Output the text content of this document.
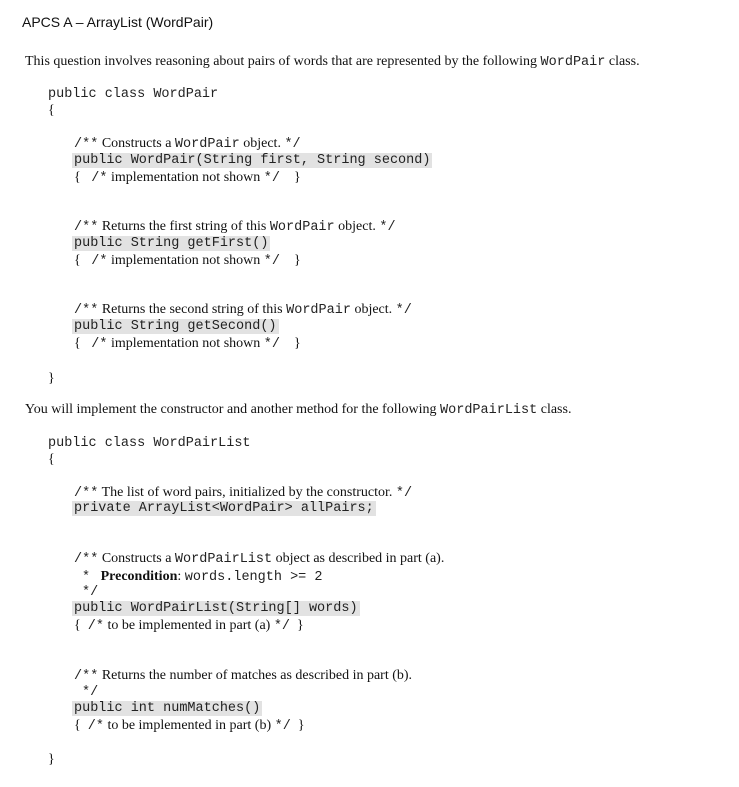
APCS A – ArrayList (WordPair)
This question involves reasoning about pairs of words that are represented by the following WordPair class.
public class WordPair
{
/** Constructs a WordPair object. */
public WordPair(String first, String second)
{ /* implementation not shown */ }
/** Returns the first string of this WordPair object. */
public String getFirst()
{ /* implementation not shown */ }
/** Returns the second string of this WordPair object. */
public String getSecond()
{ /* implementation not shown */ }
}
You will implement the constructor and another method for the following WordPairList class.
public class WordPairList
{
/** The list of word pairs, initialized by the constructor. */
private ArrayList<WordPair> allPairs;
/** Constructs a WordPairList object as described in part (a).
* Precondition: words.length >= 2
*/
public WordPairList(String[] words)
{ /* to be implemented in part (a) */ }
/** Returns the number of matches as described in part (b).
*/
public int numMatches()
{ /* to be implemented in part (b) */ }
}
